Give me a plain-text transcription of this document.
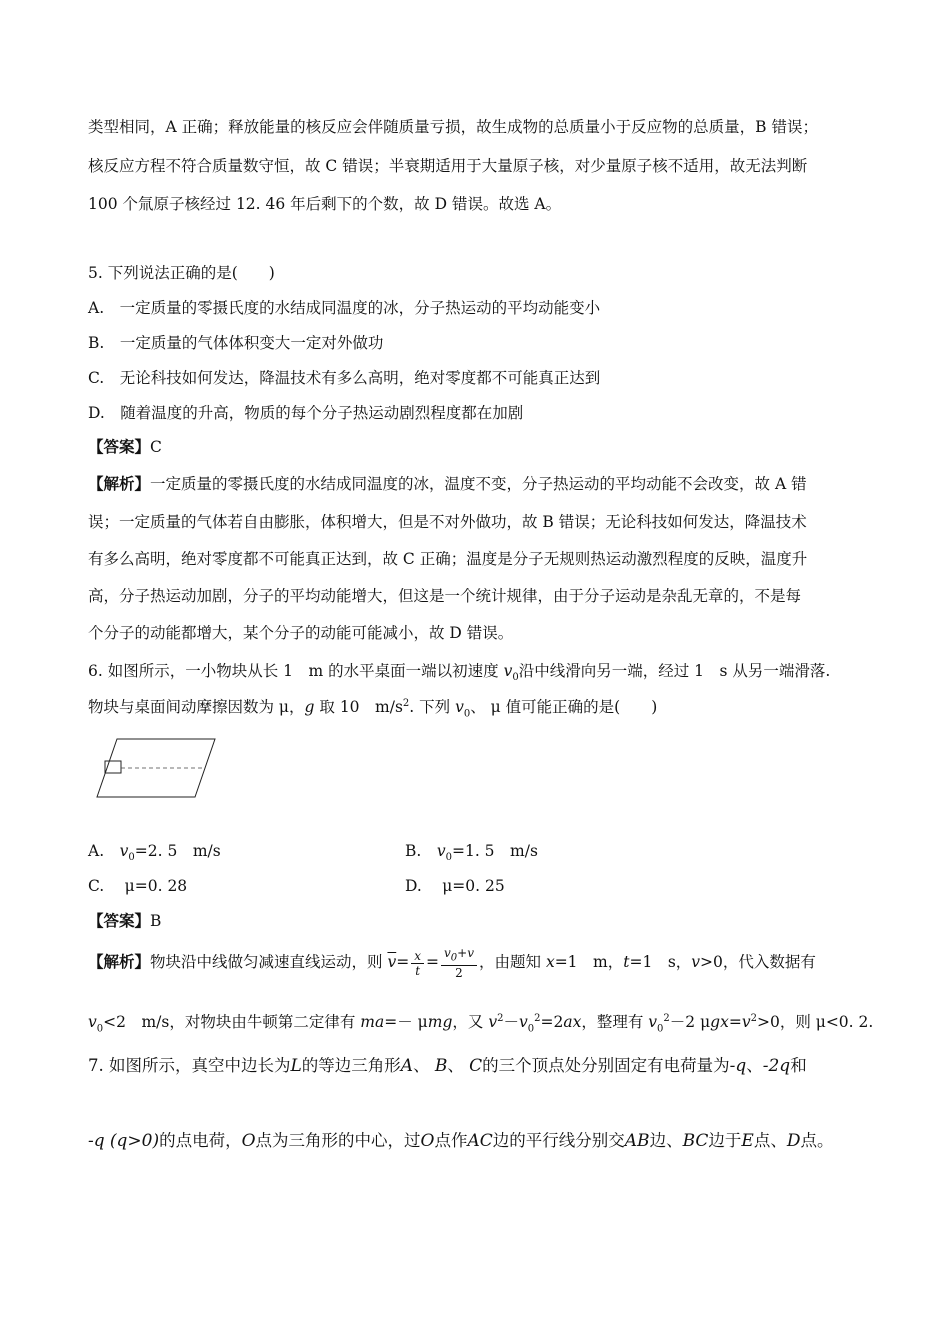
类型相同，A 正确；释放能量的核反应会伴随质量亏损，故生成物的总质量小于反应物的总质量，B 错误；
核反应方程不符合质量数守恒，故 C 错误；半衰期适用于大量原子核，对少量原子核不适用，故无法判断
100 个氚原子核经过 12. 46 年后剩下的个数，故 D 错误。故选 A。
5. 下列说法正确的是(　　)
A.　一定质量的零摄氏度的水结成同温度的冰，分子热运动的平均动能变小
B.　一定质量的气体体积变大一定对外做功
C.　无论科技如何发达，降温技术有多么高明，绝对零度都不可能真正达到
D.　随着温度的升高，物质的每个分子热运动剧烈程度都在加剧
【答案】C
【解析】一定质量的零摄氏度的水结成同温度的冰，温度不变，分子热运动的平均动能不会改变，故 A 错
误；一定质量的气体若自由膨胀，体积增大，但是不对外做功，故 B 错误；无论科技如何发达，降温技术
有多么高明，绝对零度都不可能真正达到，故 C 正确；温度是分子无规则热运动激烈程度的反映，温度升
高，分子热运动加剧，分子的平均动能增大，但这是一个统计规律，由于分子运动是杂乱无章的，不是每
个分子的动能都增大，某个分子的动能可能减小，故 D 错误。
6. 如图所示，一小物块从长 1　m 的水平桌面一端以初速度 $v_0$沿中线滑向另一端，经过 1　s 从另一端滑落.
物块与桌面间动摩擦因数为 μ，g 取 10　$m/s^2$. 下列 $v_0$、 μ 值可能正确的是(　　)
A.　$v_0=2$. 5　m/s	B.　$v_0=1$. 5　m/s
C.　 μ=0. 28	D.　 μ=0. 25
【答案】B
【解析】物块沿中线做匀减速直线运动，则 $\overline{v}= \frac{x}{t} = \frac{v_0+v}{2}$ ，由题知 x=1　m，t=1　s，v>0，代入数据有
$v_0<2$　m/s，对物块由牛顿第二定律有 ma=－ μmg，又 $v^2-v_0^2=2ax$，整理有 $v_0^2-2$ $\mu gx=v^2>0$，则 μ<0. 2.
7. 如图所示，真空中边长为L的等边三角形A、 B、 C的三个顶点处分别固定有电荷量为-q、-2q和
-q (q>0)的点电荷，O点为三角形的中心，过O点作AC边的平行线分别交AB边、BC边于E点、D点。
